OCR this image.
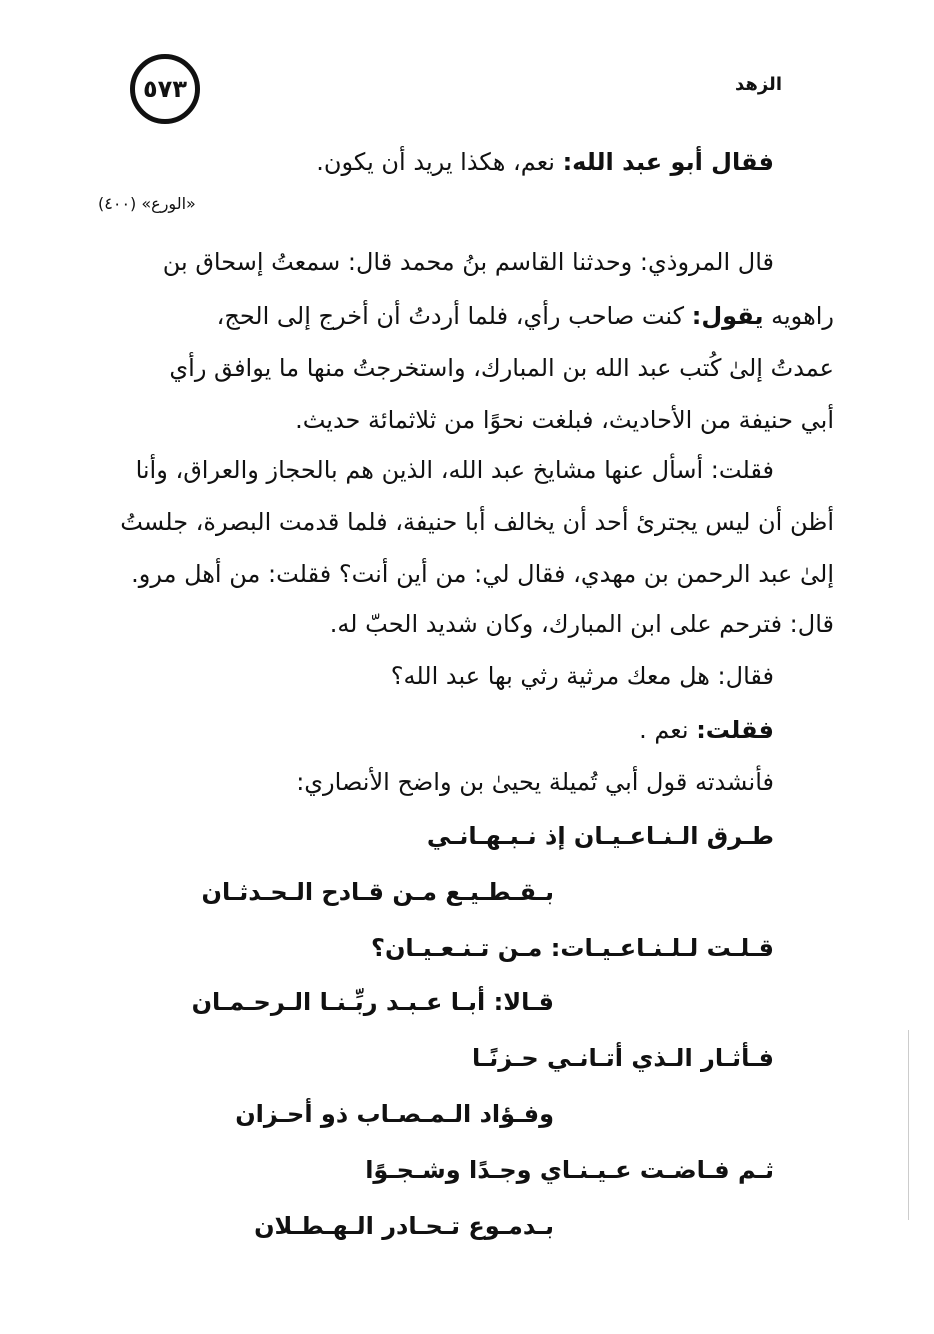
٥٧٣	الزهد
فقال أبو عبد الله: نعم، هكذا يريد أن يكون.
«الورع» (٤٠٠)
قال المروذي: وحدثنا القاسم بنُ محمد قال: سمعتُ إسحاق بن
راهويه يقول: كنت صاحب رأي، فلما أردتُ أن أخرج إلى الحج،
عمدتُ إلىٰ كُتب عبد الله بن المبارك، واستخرجتُ منها ما يوافق رأي
أبي حنيفة من الأحاديث، فبلغت نحوًا من ثلاثمائة حديث.
فقلت: أسأل عنها مشايخ عبد الله، الذين هم بالحجاز والعراق، وأنا
أظن أن ليس يجترئ أحد أن يخالف أبا حنيفة، فلما قدمت البصرة، جلستُ
إلىٰ عبد الرحمن بن مهدي، فقال لي: من أين أنت؟ فقلت: من أهل مرو.
قال: فترحم على ابن المبارك، وكان شديد الحبّ له.
فقال: هل معك مرثية رثي بها عبد الله؟
فقلت: نعم .
فأنشدته قول أبي تُميلة يحيىٰ بن واضح الأنصاري:
طـرق الـنـاعـيـان إذ نـبـهـانـي
بـقـطـيـع مـن قـادح الـحـدثـان
قـلـت لـلـنـاعـيـات: مـن تـنـعـيـان؟
قـالا: أبـا عـبـد ربِّـنـا الـرحـمـان
فـأثـار الـذي أتـانـي حـزنًـا
وفـؤاد الـمـصـاب ذو أحـزان
ثـم فـاضـت عـيـنـاي وجـدًا وشـجـوًا
بـدمـوع تـحـادر الـهـطـلان
